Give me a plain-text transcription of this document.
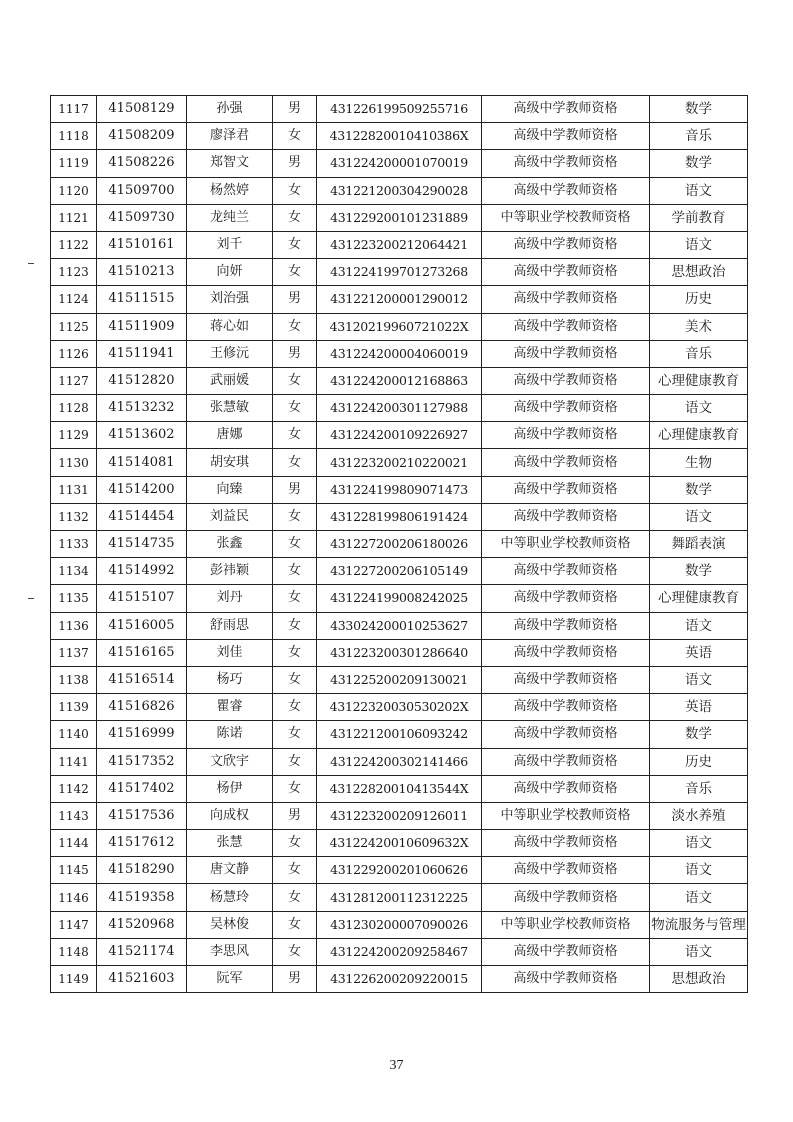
1117	41508129	孙强	男	431226199509255716	高级中学教师资格	数学
1118	41508209	廖泽君	女	43122820010410386X	高级中学教师资格	音乐
1119	41508226	郑智文	男	431224200001070019	高级中学教师资格	数学
1120	41509700	杨然婷	女	431221200304290028	高级中学教师资格	语文
1121	41509730	龙纯兰	女	431229200101231889	中等职业学校教师资格	学前教育
1122	41510161	刘千	女	431223200212064421	高级中学教师资格	语文
1123	41510213	向妍	女	431224199701273268	高级中学教师资格	思想政治
1124	41511515	刘治强	男	431221200001290012	高级中学教师资格	历史
1125	41511909	蒋心如	女	43120219960721022X	高级中学教师资格	美术
1126	41511941	王修沅	男	431224200004060019	高级中学教师资格	音乐
1127	41512820	武丽媛	女	431224200012168863	高级中学教师资格	心理健康教育
1128	41513232	张慧敏	女	431224200301127988	高级中学教师资格	语文
1129	41513602	唐娜	女	431224200109226927	高级中学教师资格	心理健康教育
1130	41514081	胡安琪	女	431223200210220021	高级中学教师资格	生物
1131	41514200	向臻	男	431224199809071473	高级中学教师资格	数学
1132	41514454	刘益民	女	431228199806191424	高级中学教师资格	语文
1133	41514735	张鑫	女	431227200206180026	中等职业学校教师资格	舞蹈表演
1134	41514992	彭祎颖	女	431227200206105149	高级中学教师资格	数学
1135	41515107	刘丹	女	431224199008242025	高级中学教师资格	心理健康教育
1136	41516005	舒雨思	女	433024200010253627	高级中学教师资格	语文
1137	41516165	刘佳	女	431223200301286640	高级中学教师资格	英语
1138	41516514	杨巧	女	431225200209130021	高级中学教师资格	语文
1139	41516826	瞿睿	女	43122320030530202X	高级中学教师资格	英语
1140	41516999	陈诺	女	431221200106093242	高级中学教师资格	数学
1141	41517352	文欣宇	女	431224200302141466	高级中学教师资格	历史
1142	41517402	杨伊	女	43122820010413544X	高级中学教师资格	音乐
1143	41517536	向成权	男	431223200209126011	中等职业学校教师资格	淡水养殖
1144	41517612	张慧	女	43122420010609632X	高级中学教师资格	语文
1145	41518290	唐文静	女	431229200201060626	高级中学教师资格	语文
1146	41519358	杨慧玲	女	431281200112312225	高级中学教师资格	语文
1147	41520968	吴林俊	女	431230200007090026	中等职业学校教师资格	物流服务与管理
1148	41521174	李思风	女	431224200209258467	高级中学教师资格	语文
1149	41521603	阮军	男	431226200209220015	高级中学教师资格	思想政治
37
